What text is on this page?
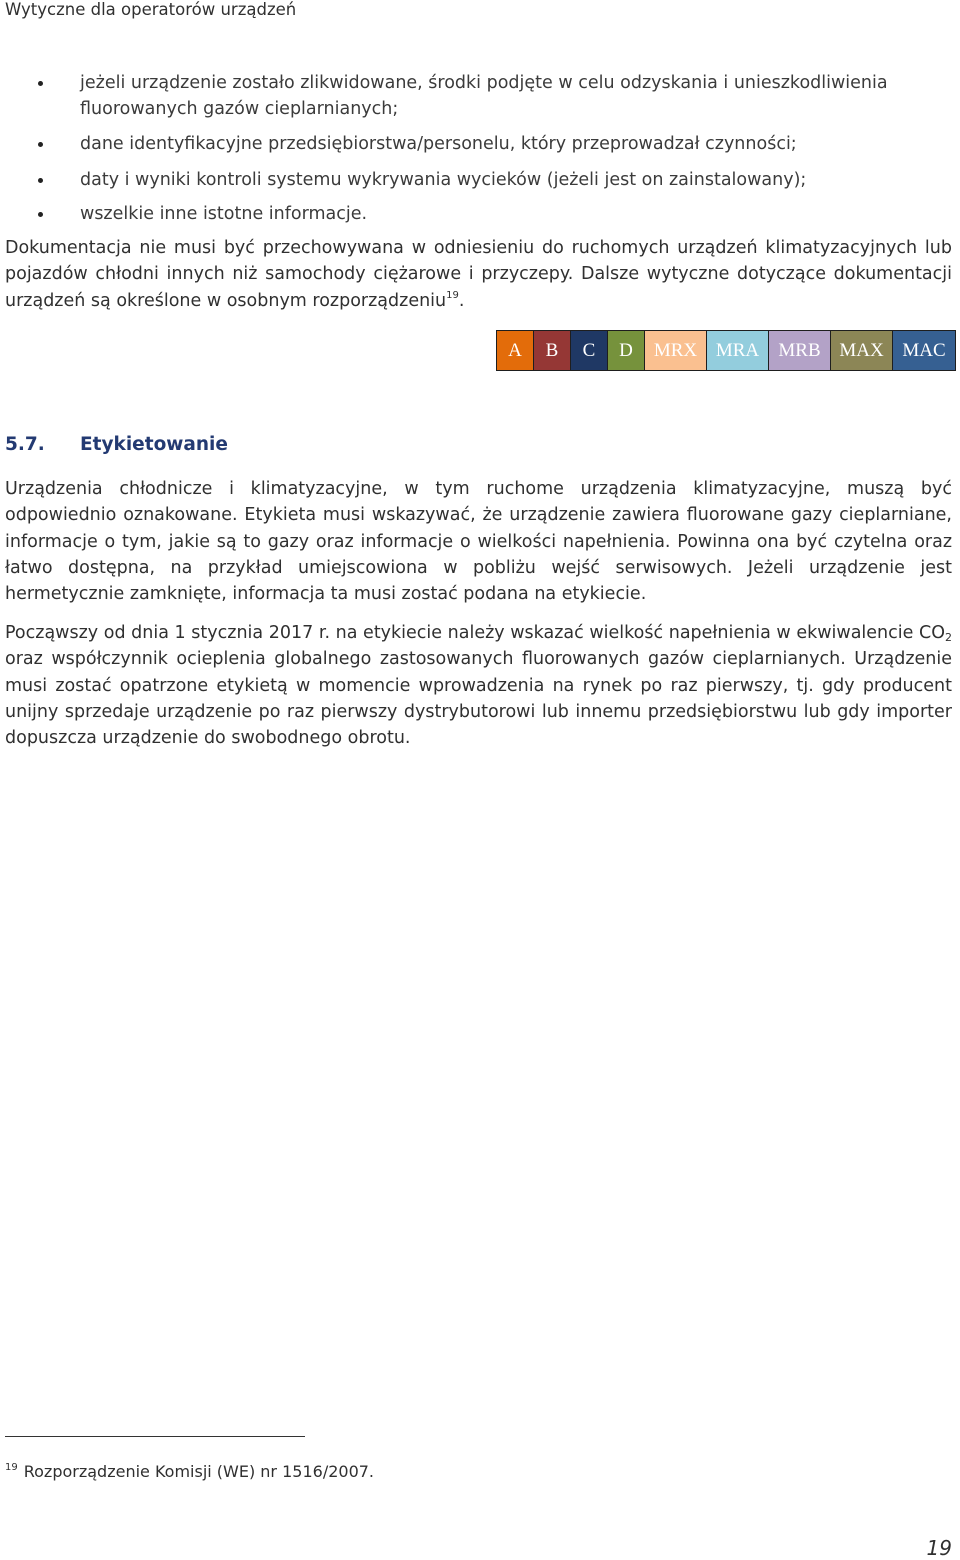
Wytyczne dla operatorów urządzeń
jeżeli urządzenie zostało zlikwidowane, środki podjęte w celu odzyskania i unieszkodliwienia
fluorowanych gazów cieplarnianych;
dane identyfikacyjne przedsiębiorstwa/personelu, który przeprowadzał czynności;
daty i wyniki kontroli systemu wykrywania wycieków (jeżeli jest on zainstalowany);
wszelkie inne istotne informacje.
Dokumentacja nie musi być przechowywana w odniesieniu do ruchomych urządzeń klimatyzacyjnych lub pojazdów chłodni innych niż samochody ciężarowe i przyczepy. Dalsze wytyczne dotyczące dokumentacji urządzeń są określone w osobnym rozporządzeniu$^{19}$.
A	B	C	D	MRX MRA	MRB MAX MAC
5.7. Etykietowanie
Urządzenia chłodnicze i klimatyzacyjne, w tym ruchome urządzenia klimatyzacyjne, muszą być odpowiednio oznakowane. Etykieta musi wskazywać, że urządzenie zawiera fluorowane gazy cieplarniane, informacje o tym, jakie są to gazy oraz informacje o wielkości napełnienia. Powinna ona być czytelna oraz łatwo dostępna, na przykład umiejscowiona w pobliżu wejść serwisowych. Jeżeli urządzenie jest hermetycznie zamknięte, informacja ta musi zostać podana na etykiecie.
Począwszy od dnia 1 stycznia 2017 r. na etykiecie należy wskazać wielkość napełnienia w ekwiwalencie $CO_2$ oraz współczynnik ocieplenia globalnego zastosowanych fluorowanych gazów cieplarnianych. Urządzenie musi zostać opatrzone etykietą w momencie wprowadzenia na rynek po raz pierwszy, tj. gdy producent unijny sprzedaje urządzenie po raz pierwszy dystrybutorowi lub innemu przedsiębiorstwu lub gdy importer dopuszcza urządzenie do swobodnego obrotu.
$^{19}$ Rozporządzenie Komisji (WE) nr 1516/2007.
19
